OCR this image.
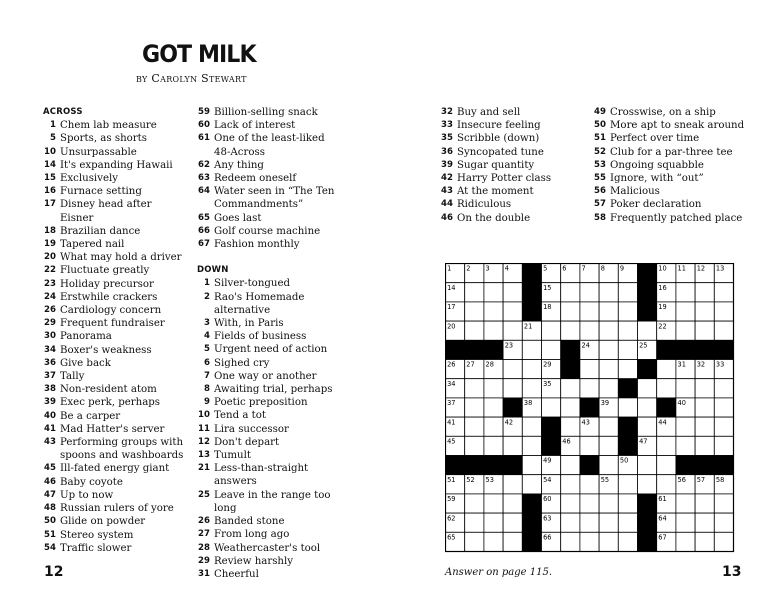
GOT MILK
by Carolyn Stewart
ACROSS
1 Chem lab measure
5 Sports, as shorts
10 Unsurpassable
14 It's expanding Hawaii
15 Exclusively
16 Furnace setting
17 Disney head after Eisner
18 Brazilian dance
19 Tapered nail
20 What may hold a driver
22 Fluctuate greatly
23 Holiday precursor
24 Erstwhile crackers
26 Cardiology concern
29 Frequent fundraiser
30 Panorama
34 Boxer's weakness
36 Give back
37 Tally
38 Non-resident atom
39 Exec perk, perhaps
40 Be a carper
41 Mad Hatter's server
43 Performing groups with spoons and washboards
45 Ill-fated energy giant
46 Baby coyote
47 Up to now
48 Russian rulers of yore
50 Glide on powder
51 Stereo system
54 Traffic slower
59 Billion-selling snack
60 Lack of interest
61 One of the least-liked 48-Across
62 Any thing
63 Redeem oneself
64 Water seen in “The Ten Commandments”
65 Goes last
66 Golf course machine
67 Fashion monthly
DOWN
1 Silver-tongued
2 Rao's Homemade alternative
3 With, in Paris
4 Fields of business
5 Urgent need of action
6 Sighed cry
7 One way or another
8 Awaiting trial, perhaps
9 Poetic preposition
10 Tend a tot
11 Lira successor
12 Don't depart
13 Tumult
21 Less-than-straight answers
25 Leave in the range too long
26 Banded stone
27 From long ago
28 Weathercaster's tool
29 Review harshly
31 Cheerful
32 Buy and sell
33 Insecure feeling
35 Scribble (down)
36 Syncopated tune
39 Sugar quantity
42 Harry Potter class
43 At the moment
44 Ridiculous
46 On the double
49 Crosswise, on a ship
50 More apt to sneak around
51 Perfect over time
52 Club for a par-three tee
53 Ongoing squabble
55 Ignore, with “out”
56 Malicious
57 Poker declaration
58 Frequently patched place
1 2 3 4	5 6 7 8 9	10 11 12 13
14	15	16
17	18	19
20	21	22
23	24	25
26 27 28	29	30	31 32 33
34	35	36
37	38	39	40
41	42	43	44
45	46	47
48	49	50
51 52 53	54	55	56 57 58
59	60	61
62	63	64
65	66	67
12	Answer on page 115.	13
